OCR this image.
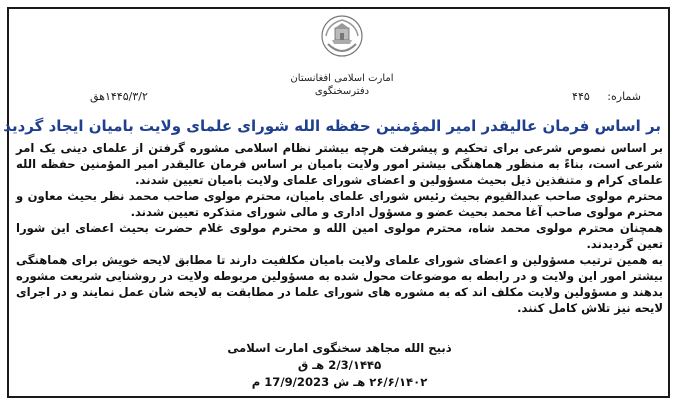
امارت اسلامی افغانستان
دفترسخنگوی	شماره: ۴۴۵
۱۴۴۵/۳/۲هق
بر اساس فرمان عالیقدر امیر المؤمنین حفظه الله شورای علمای ولایت بامیان ایجاد گردید

بر اساس نصوص شرعی برای تحکیم و پیشرفت هرچه بیشتر نظام اسلامی مشوره گرفتن از علمای دینی یک امر شرعی است، بناءً به منظور هماهنگی بیشتر امور ولایت بامیان بر اساس فرمان عالیقدر امیر المؤمنین حفظه الله علمای کرام و متنفذین ذیل بحیث مسؤولین و اعضای شورای علمای ولایت بامیان تعیین شدند.

محترم مولوی صاحب عبدالقیوم بحیث رئیس شورای علمای بامیان، محترم مولوی صاحب محمد نظر بحیث معاون و محترم مولوی صاحب آغا محمد بحیث عضو و مسؤول اداری و مالی شورای متذکره تعیین شدند.

همچنان محترم مولوی محمد شاه، محترم مولوی امین الله و محترم مولوی غلام حضرت بحیث اعضای این شورا تعین گردیدند.

به همین ترتیب مسؤولین و اعضای شورای علمای ولایت بامیان مکلفیت دارند تا مطابق لایحه خویش برای هماهنگی بیشتر امور این ولایت و در رابطه به موضوعات محول شده به مسؤولین مربوطه ولایت در روشنایی شریعت مشوره بدهند و مسؤولین ولایت مکلف اند که به مشوره های شورای علما در مطابقت به لایحه شان عمل نمایند و در اجرای لایحه نیز تلاش کامل کنند.

ذبیح الله مجاهد سخنگوی امارت اسلامی
2/3/۱۴۴۵ هـ ق
۲۶/۶/۱۴۰۲ هـ ش 17/9/2023 م
